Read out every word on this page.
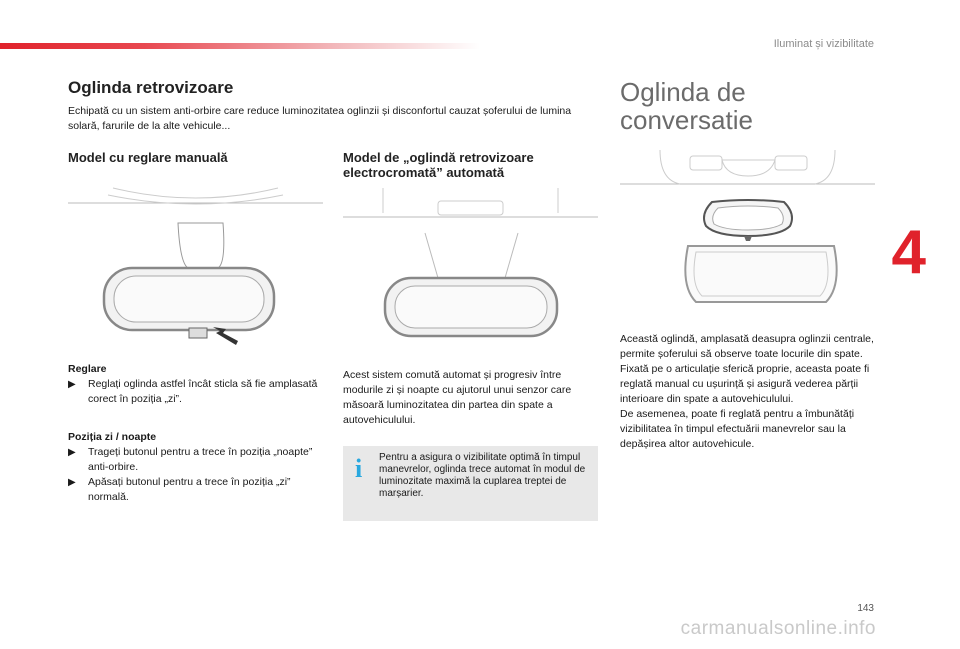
Iluminat și vizibilitate
4
Oglinda retrovizoare
Echipată cu un sistem anti-orbire care reduce luminozitatea oglinzii și disconfortul cauzat șoferului de lumina solară, farurile de la alte vehicule...
Model cu reglare manuală	Model de „oglindă retrovizoare electrocromată” automată
Oglinda de conversatie
Reglare
▶ Reglați oglinda astfel încât sticla să fie amplasată corect în poziția „zi”.
Poziția zi / noapte
▶ Trageți butonul pentru a trece în poziția „noapte” anti-orbire.
▶ Apăsați butonul pentru a trece în poziția „zi” normală.
Acest sistem comută automat și progresiv între modurile zi și noapte cu ajutorul unui senzor care măsoară luminozitatea din partea din spate a autovehiculului.
i Pentru a asigura o vizibilitate optimă în timpul manevrelor, oglinda trece automat în modul de luminozitate maximă la cuplarea treptei de marșarier.
Această oglindă, amplasată deasupra oglinzii centrale, permite șoferului să observe toate locurile din spate.
Fixată pe o articulație sferică proprie, aceasta poate fi reglată manual cu ușurință și asigură vederea părții interioare din spate a autovehiculului.
De asemenea, poate fi reglată pentru a îmbunătăți vizibilitatea în timpul efectuării manevrelor sau la depășirea altor autovehicule.
143
carmanualsonline.info
